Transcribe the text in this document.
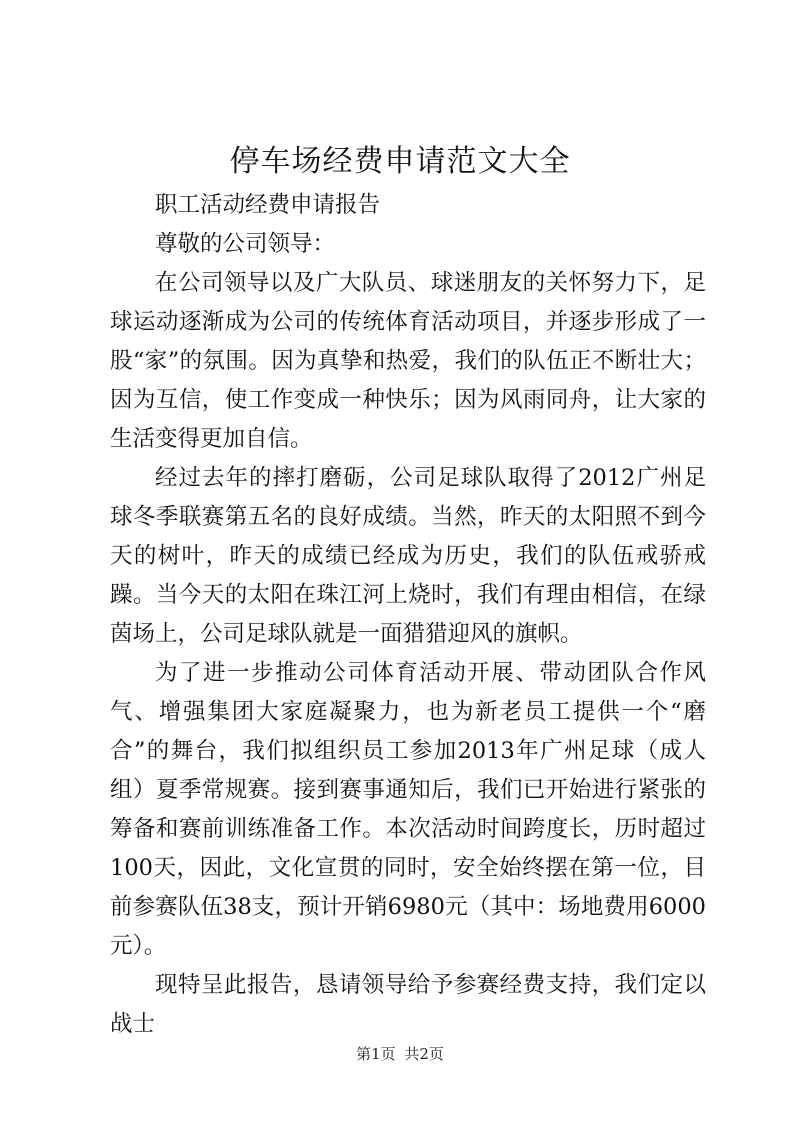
停车场经费申请范文大全

职工活动经费申请报告

尊敬的公司领导：

在公司领导以及广大队员、球迷朋友的关怀努力下，足球运动逐渐成为公司的传统体育活动项目，并逐步形成了一股“家”的氛围。因为真挚和热爱，我们的队伍正不断壮大；因为互信，使工作变成一种快乐；因为风雨同舟，让大家的生活变得更加自信。

经过去年的摔打磨砺，公司足球队取得了2012广州足球冬季联赛第五名的良好成绩。当然，昨天的太阳照不到今天的树叶，昨天的成绩已经成为历史，我们的队伍戒骄戒躁。当今天的太阳在珠江河上烧时，我们有理由相信，在绿茵场上，公司足球队就是一面猎猎迎风的旗帜。

为了进一步推动公司体育活动开展、带动团队合作风气、增强集团大家庭凝聚力，也为新老员工提供一个“磨合”的舞台，我们拟组织员工参加2013年广州足球（成人组）夏季常规赛。接到赛事通知后，我们已开始进行紧张的筹备和赛前训练准备工作。本次活动时间跨度长，历时超过100天，因此，文化宣贯的同时，安全始终摆在第一位，目前参赛队伍38支，预计开销6980元（其中：场地费用6000元）。

现特呈此报告，恳请领导给予参赛经费支持，我们定以战士

第1页 共2页
